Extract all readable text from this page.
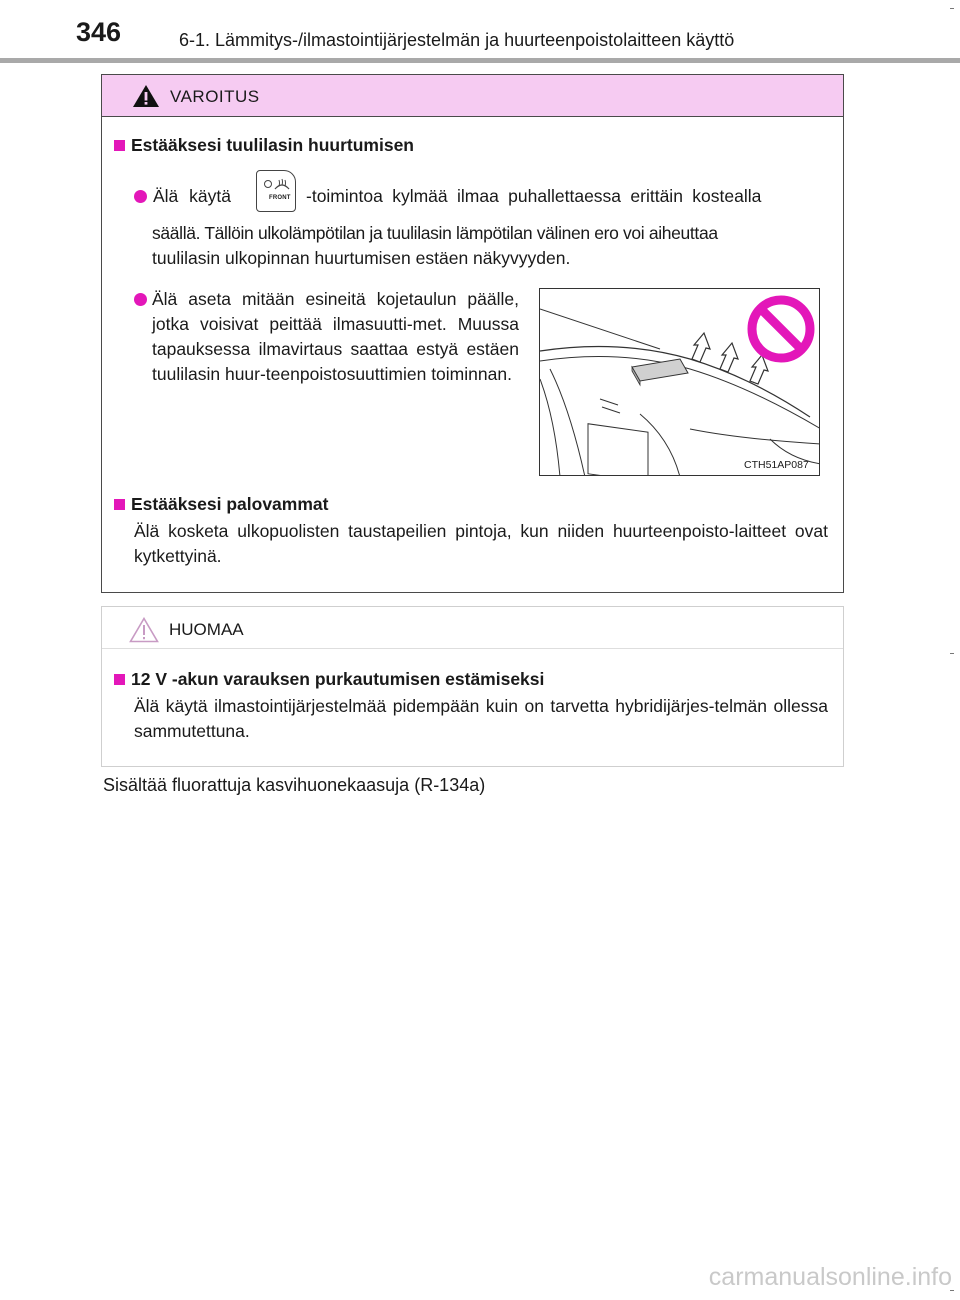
346	6-1. Lämmitys-/ilmastointijärjestelmän ja huurteenpoistolaitteen käyttö
VAROITUS
Estääksesi tuulilasin huurtumisen
Älä käytä	FRONT -toimintoa kylmää ilmaa puhallettaessa erittäin kostealla
säällä. Tällöin ulkolämpötilan ja tuulilasin lämpötilan välinen ero voi aiheuttaa
tuulilasin ulkopinnan huurtumisen estäen näkyvyyden.
Älä aseta mitään esineitä kojetaulun päälle, jotka voisivat peittää ilmasuutti-met. Muussa tapauksessa ilmavirtaus saattaa estyä estäen tuulilasin huur-teenpoistosuuttimien toiminnan.
CTH51AP087
Estääksesi palovammat
Älä kosketa ulkopuolisten taustapeilien pintoja, kun niiden huurteenpoisto-laitteet ovat kytkettyinä.
HUOMAA
12 V -akun varauksen purkautumisen estämiseksi
Älä käytä ilmastointijärjestelmää pidempään kuin on tarvetta hybridijärjes-telmän ollessa sammutettuna.
Sisältää fluorattuja kasvihuonekaasuja (R-134a)
carmanualsonline.info
